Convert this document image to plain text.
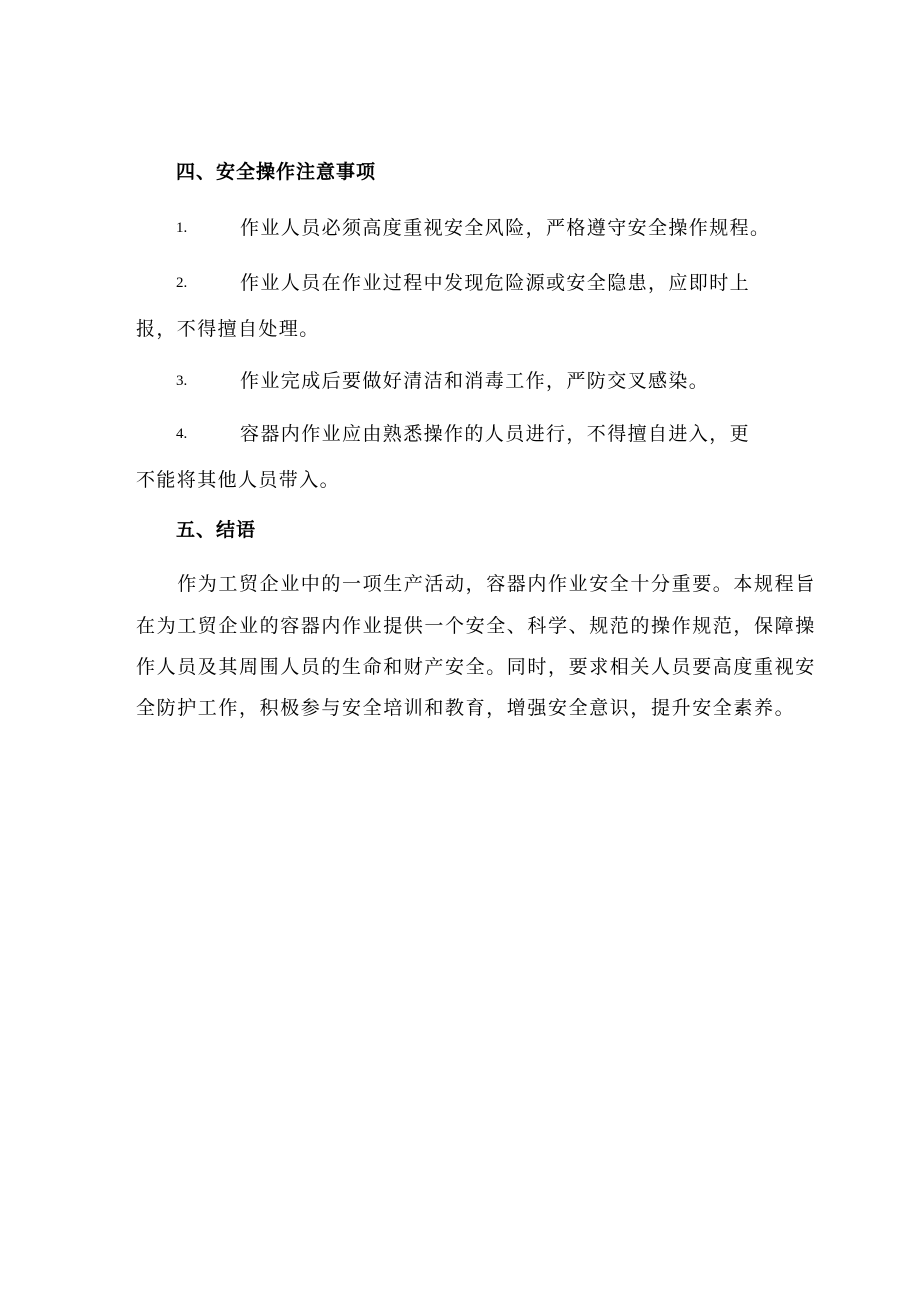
四、安全操作注意事项
1.	作业人员必须高度重视安全风险，严格遵守安全操作规程。
2.	作业人员在作业过程中发现危险源或安全隐患，应即时上
报，不得擅自处理。
3.	作业完成后要做好清洁和消毒工作，严防交叉感染。
4.	容器内作业应由熟悉操作的人员进行，不得擅自进入，更
不能将其他人员带入。
五、结语
　　作为工贸企业中的一项生产活动，容器内作业安全十分重要。本规程旨
在为工贸企业的容器内作业提供一个安全、科学、规范的操作规范，保障操
作人员及其周围人员的生命和财产安全。同时，要求相关人员要高度重视安
全防护工作，积极参与安全培训和教育，增强安全意识，提升安全素养。
